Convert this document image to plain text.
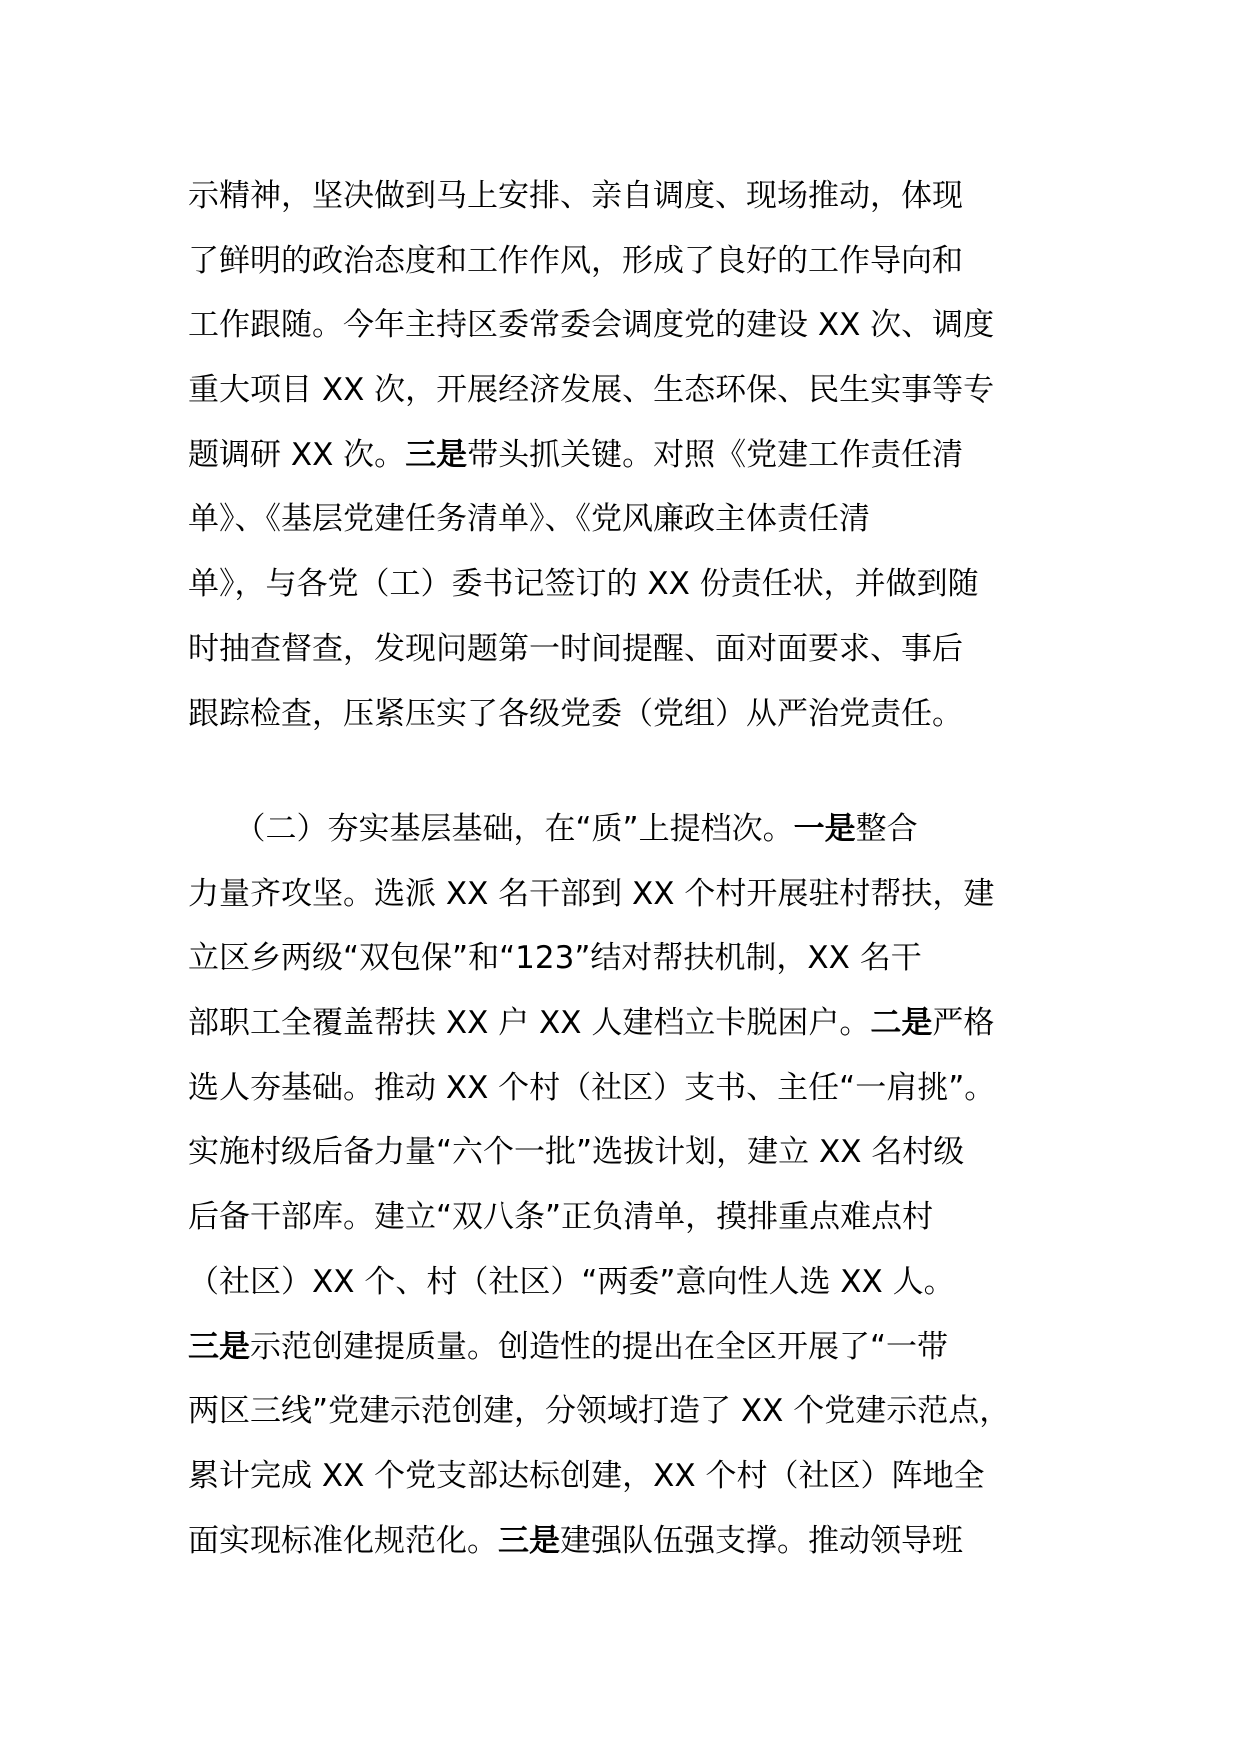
示精神，坚决做到马上安排、亲自调度、现场推动，体现
了鲜明的政治态度和工作作风，形成了良好的工作导向和
工作跟随。今年主持区委常委会调度党的建设 XX 次、调度
重大项目 XX 次，开展经济发展、生态环保、民生实事等专
题调研 XX 次。三是带头抓关键。对照《党建工作责任清
单》、《基层党建任务清单》、《党风廉政主体责任清
单》，与各党（工）委书记签订的 XX 份责任状，并做到随
时抽查督查，发现问题第一时间提醒、面对面要求、事后
跟踪检查，压紧压实了各级党委（党组）从严治党责任。
　　（二）夯实基层基础，在“质”上提档次。一是整合
力量齐攻坚。选派 XX 名干部到 XX 个村开展驻村帮扶，建
立区乡两级“双包保”和“123”结对帮扶机制，XX 名干
部职工全覆盖帮扶 XX 户 XX 人建档立卡脱困户。二是严格
选人夯基础。推动 XX 个村（社区）支书、主任“一肩挑”。
实施村级后备力量“六个一批”选拔计划，建立 XX 名村级
后备干部库。建立“双八条”正负清单，摸排重点难点村
（社区）XX 个、村（社区）“两委”意向性人选 XX 人。
三是示范创建提质量。创造性的提出在全区开展了“一带
两区三线”党建示范创建，分领域打造了 XX 个党建示范点，
累计完成 XX 个党支部达标创建，XX 个村（社区）阵地全
面实现标准化规范化。三是建强队伍强支撑。推动领导班
